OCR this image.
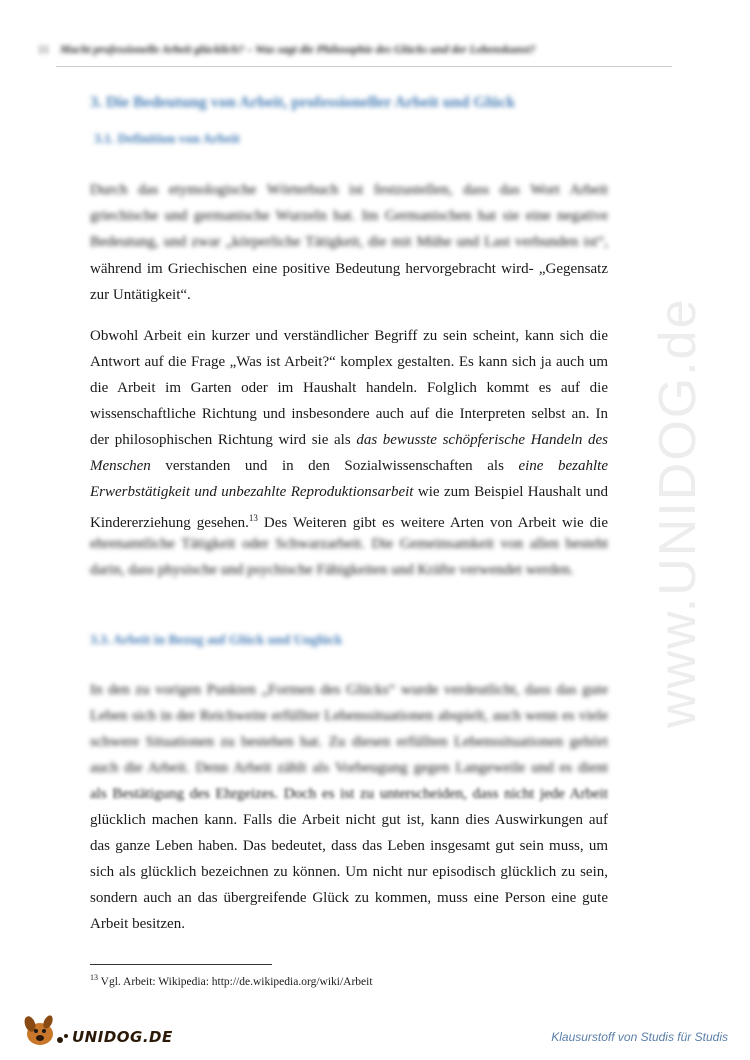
11 Macht professionelle Arbeit glücklich? – Was sagt die Philosophie des Glücks und der Lebenskunst?
www.UNIDOG.de
3. Die Bedeutung von Arbeit, professioneller Arbeit und Glück
3.1. Definition von Arbeit
Durch das etymologische Wörterbuch ist festzustellen, dass das Wort Arbeit
griechische und germanische Wurzeln hat. Im Germanischen hat sie eine negative
Bedeutung, und zwar „körperliche Tätigkeit, die mit Mühe und Last verbunden ist“,
während im Griechischen eine positive Bedeutung hervorgebracht wird- „Gegensatz
zur Untätigkeit“.
Obwohl Arbeit ein kurzer und verständlicher Begriff zu sein scheint, kann sich die
Antwort auf die Frage „Was ist Arbeit?“ komplex gestalten. Es kann sich ja auch um
die Arbeit im Garten oder im Haushalt handeln. Folglich kommt es auf die
wissenschaftliche Richtung und insbesondere auch auf die Interpreten selbst an. In
der philosophischen Richtung wird sie als das bewusste schöpferische Handeln des
Menschen verstanden und in den Sozialwissenschaften als eine bezahlte
Erwerbstätigkeit und unbezahlte Reproduktionsarbeit wie zum Beispiel Haushalt und
Kindererziehung gesehen.$^{13}$ Des Weiteren gibt es weitere Arten von Arbeit wie die
ehrenamtliche Tätigkeit oder Schwarzarbeit. Die Gemeinsamkeit von allen besteht
darin, dass physische und psychische Fähigkeiten und Kräfte verwendet werden.
3.3. Arbeit in Bezug auf Glück und Unglück
In den zu vorigen Punkten „Formen des Glücks“ wurde verdeutlicht, dass das gute
Leben sich in der Reichweite erfüllter Lebenssituationen abspielt, auch wenn es viele
schwere Situationen zu bestehen hat. Zu diesen erfüllten Lebenssituationen gehört
auch die Arbeit. Denn Arbeit zählt als Vorbeugung gegen Langeweile und es dient
als Bestätigung des Ehrgeizes. Doch es ist zu unterscheiden, dass nicht jede Arbeit
glücklich machen kann. Falls die Arbeit nicht gut ist, kann dies Auswirkungen auf
das ganze Leben haben. Das bedeutet, dass das Leben insgesamt gut sein muss, um
sich als glücklich bezeichnen zu können. Um nicht nur episodisch glücklich zu sein,
sondern auch an das übergreifende Glück zu kommen, muss eine Person eine gute
Arbeit besitzen.
$^{13}$ Vgl. Arbeit: Wikipedia: http://de.wikipedia.org/wiki/Arbeit
UNIDOG.DE	Klausurstoff von Studis für Studis
